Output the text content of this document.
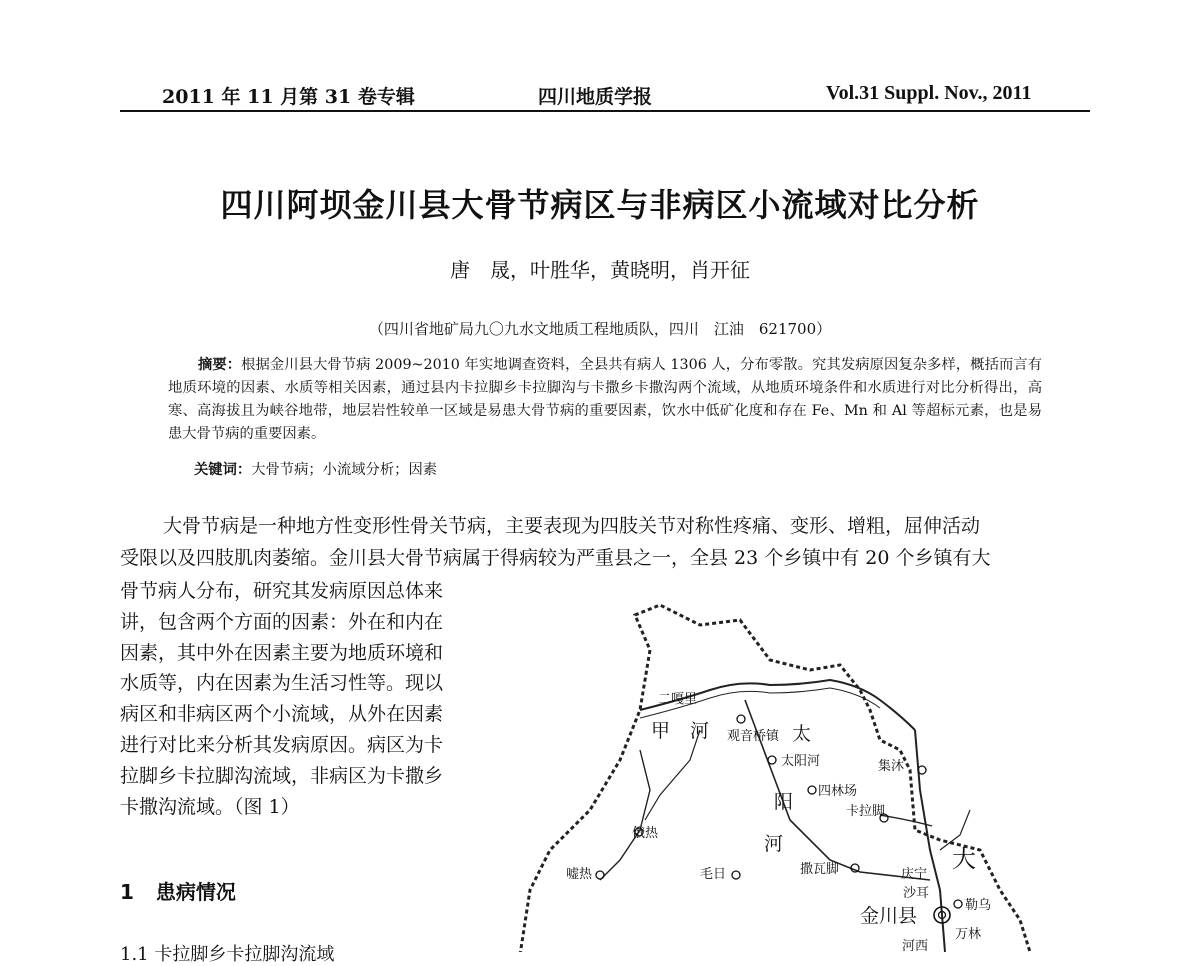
2011 年 11 月第 31 卷专辑	四川地质学报	Vol.31 Suppl. Nov., 2011
四川阿坝金川县大骨节病区与非病区小流域对比分析
唐　晟，叶胜华，黄晓明，肖开征
（四川省地矿局九〇九水文地质工程地质队，四川　江油　621700）

摘要：根据金川县大骨节病 2009~2010 年实地调查资料，全县共有病人 1306 人，分布零散。究其发病原因复杂多样，概括而言有地质环境的因素、水质等相关因素，通过县内卡拉脚乡卡拉脚沟与卡撒乡卡撒沟两个流域，从地质环境条件和水质进行对比分析得出，高寒、高海拔且为峡谷地带，地层岩性较单一区域是易患大骨节病的重要因素，饮水中低矿化度和存在 Fe、Mn 和 Al 等超标元素，也是易患大骨节病的重要因素。

关键词：大骨节病；小流域分析；因素

大骨节病是一种地方性变形性骨关节病，主要表现为四肢关节对称性疼痛、变形、增粗，屈伸活动

受限以及四肢肌肉萎缩。金川县大骨节病属于得病较为严重县之一，全县 23 个乡镇中有 20 个乡镇有大

骨节病人分布，研究其发病原因总体来
讲，包含两个方面的因素：外在和内在
因素，其中外在因素主要为地质环境和
水质等，内在因素为生活习性等。现以
病区和非病区两个小流域，从外在因素
进行对比来分析其发病原因。病区为卡
拉脚乡卡拉脚沟流域，非病区为卡撒乡
卡撒沟流域。（图 1）

1 患病情况
1.1 卡拉脚乡卡拉脚沟流域
二嘎里
观音桥镇
太阳河
四林场
集沐
卡拉脚
俄热
毛日	撒瓦脚	庆宁
沙耳
勒乌
金川县
万林
河西
嘘热
甲 河	太
阳
河
大
